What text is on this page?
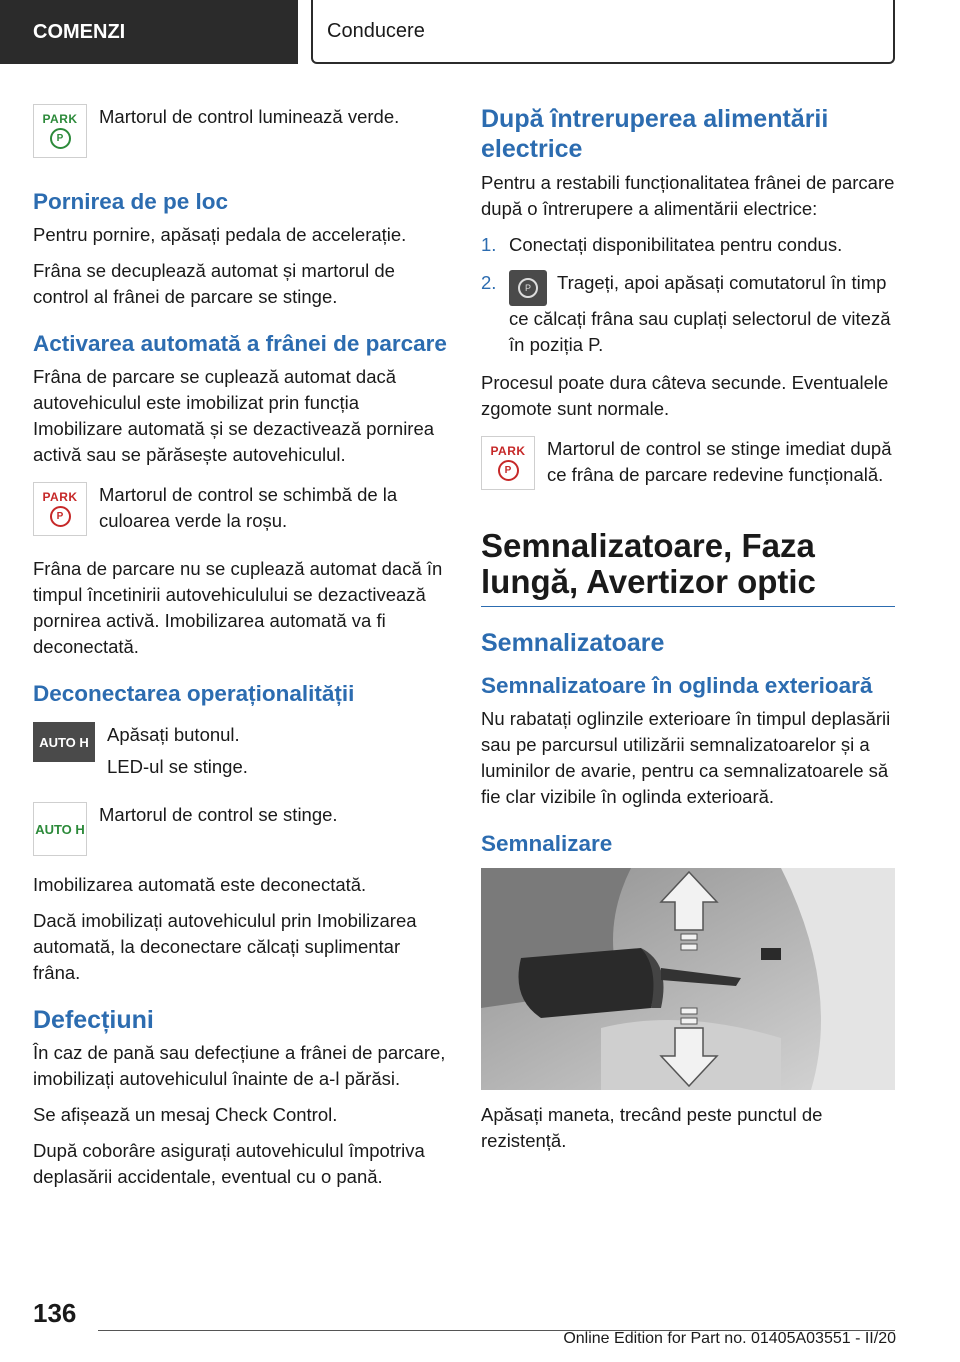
COMENZI	Conducere
PARK
P

Martorul de control luminează verde.

Pornirea de pe loc

Pentru pornire, apăsați pedala de accelerație.

Frâna se decuplează automat și martorul de control al frânei de parcare se stinge.

Activarea automată a frânei de parcare

Frâna de parcare se cuplează automat dacă autovehiculul este imobilizat prin funcția Imobilizare automată și se dezactivează pornirea activă sau se părăsește autovehiculul.

PARK
P

Martorul de control se schimbă de la culoarea verde la roșu.

Frâna de parcare nu se cuplează automat dacă în timpul încetinirii autovehiculului se dezactivează pornirea activă. Imobilizarea automată va fi deconectată.

Deconectarea operaționalității
AUTO H Apăsați butonul.

LED-ul se stinge.

AUTO H

Martorul de control se stinge.

Imobilizarea automată este deconectată.

Dacă imobilizați autovehiculul prin Imobilizarea automată, la deconectare călcați suplimentar frâna.

Defecțiuni

În caz de pană sau defecțiune a frânei de parcare, imobilizați autovehiculul înainte de a-l părăsi.

Se afișează un mesaj Check Control.

După coborâre asigurați autovehiculul împotriva deplasării accidentale, eventual cu o pană.

După întreruperea alimentării electrice

Pentru a restabili funcționalitatea frânei de parcare după o întrerupere a alimentării electrice:

1. Conectați disponibilitatea pentru condus.
2.	P	Trageți, apoi apăsați comutatorul în timp ce călcați frâna sau cuplați selectorul de viteză în poziția P.

Procesul poate dura câteva secunde. Eventualele zgomote sunt normale.

PARK
P

Martorul de control se stinge imediat după ce frâna de parcare redevine funcțională.

Semnalizatoare, Faza lungă, Avertizor optic
Semnalizatoare
Semnalizatoare în oglinda exterioară

Nu rabatați oglinzile exterioare în timpul deplasării sau pe parcursul utilizării semnalizatoarelor și a luminilor de avarie, pentru ca semnalizatoarele să fie clar vizibile în oglinda exterioară.

Semnalizare

Apăsați maneta, trecând peste punctul de rezistență.

136
Online Edition for Part no. 01405A03551 - II/20
